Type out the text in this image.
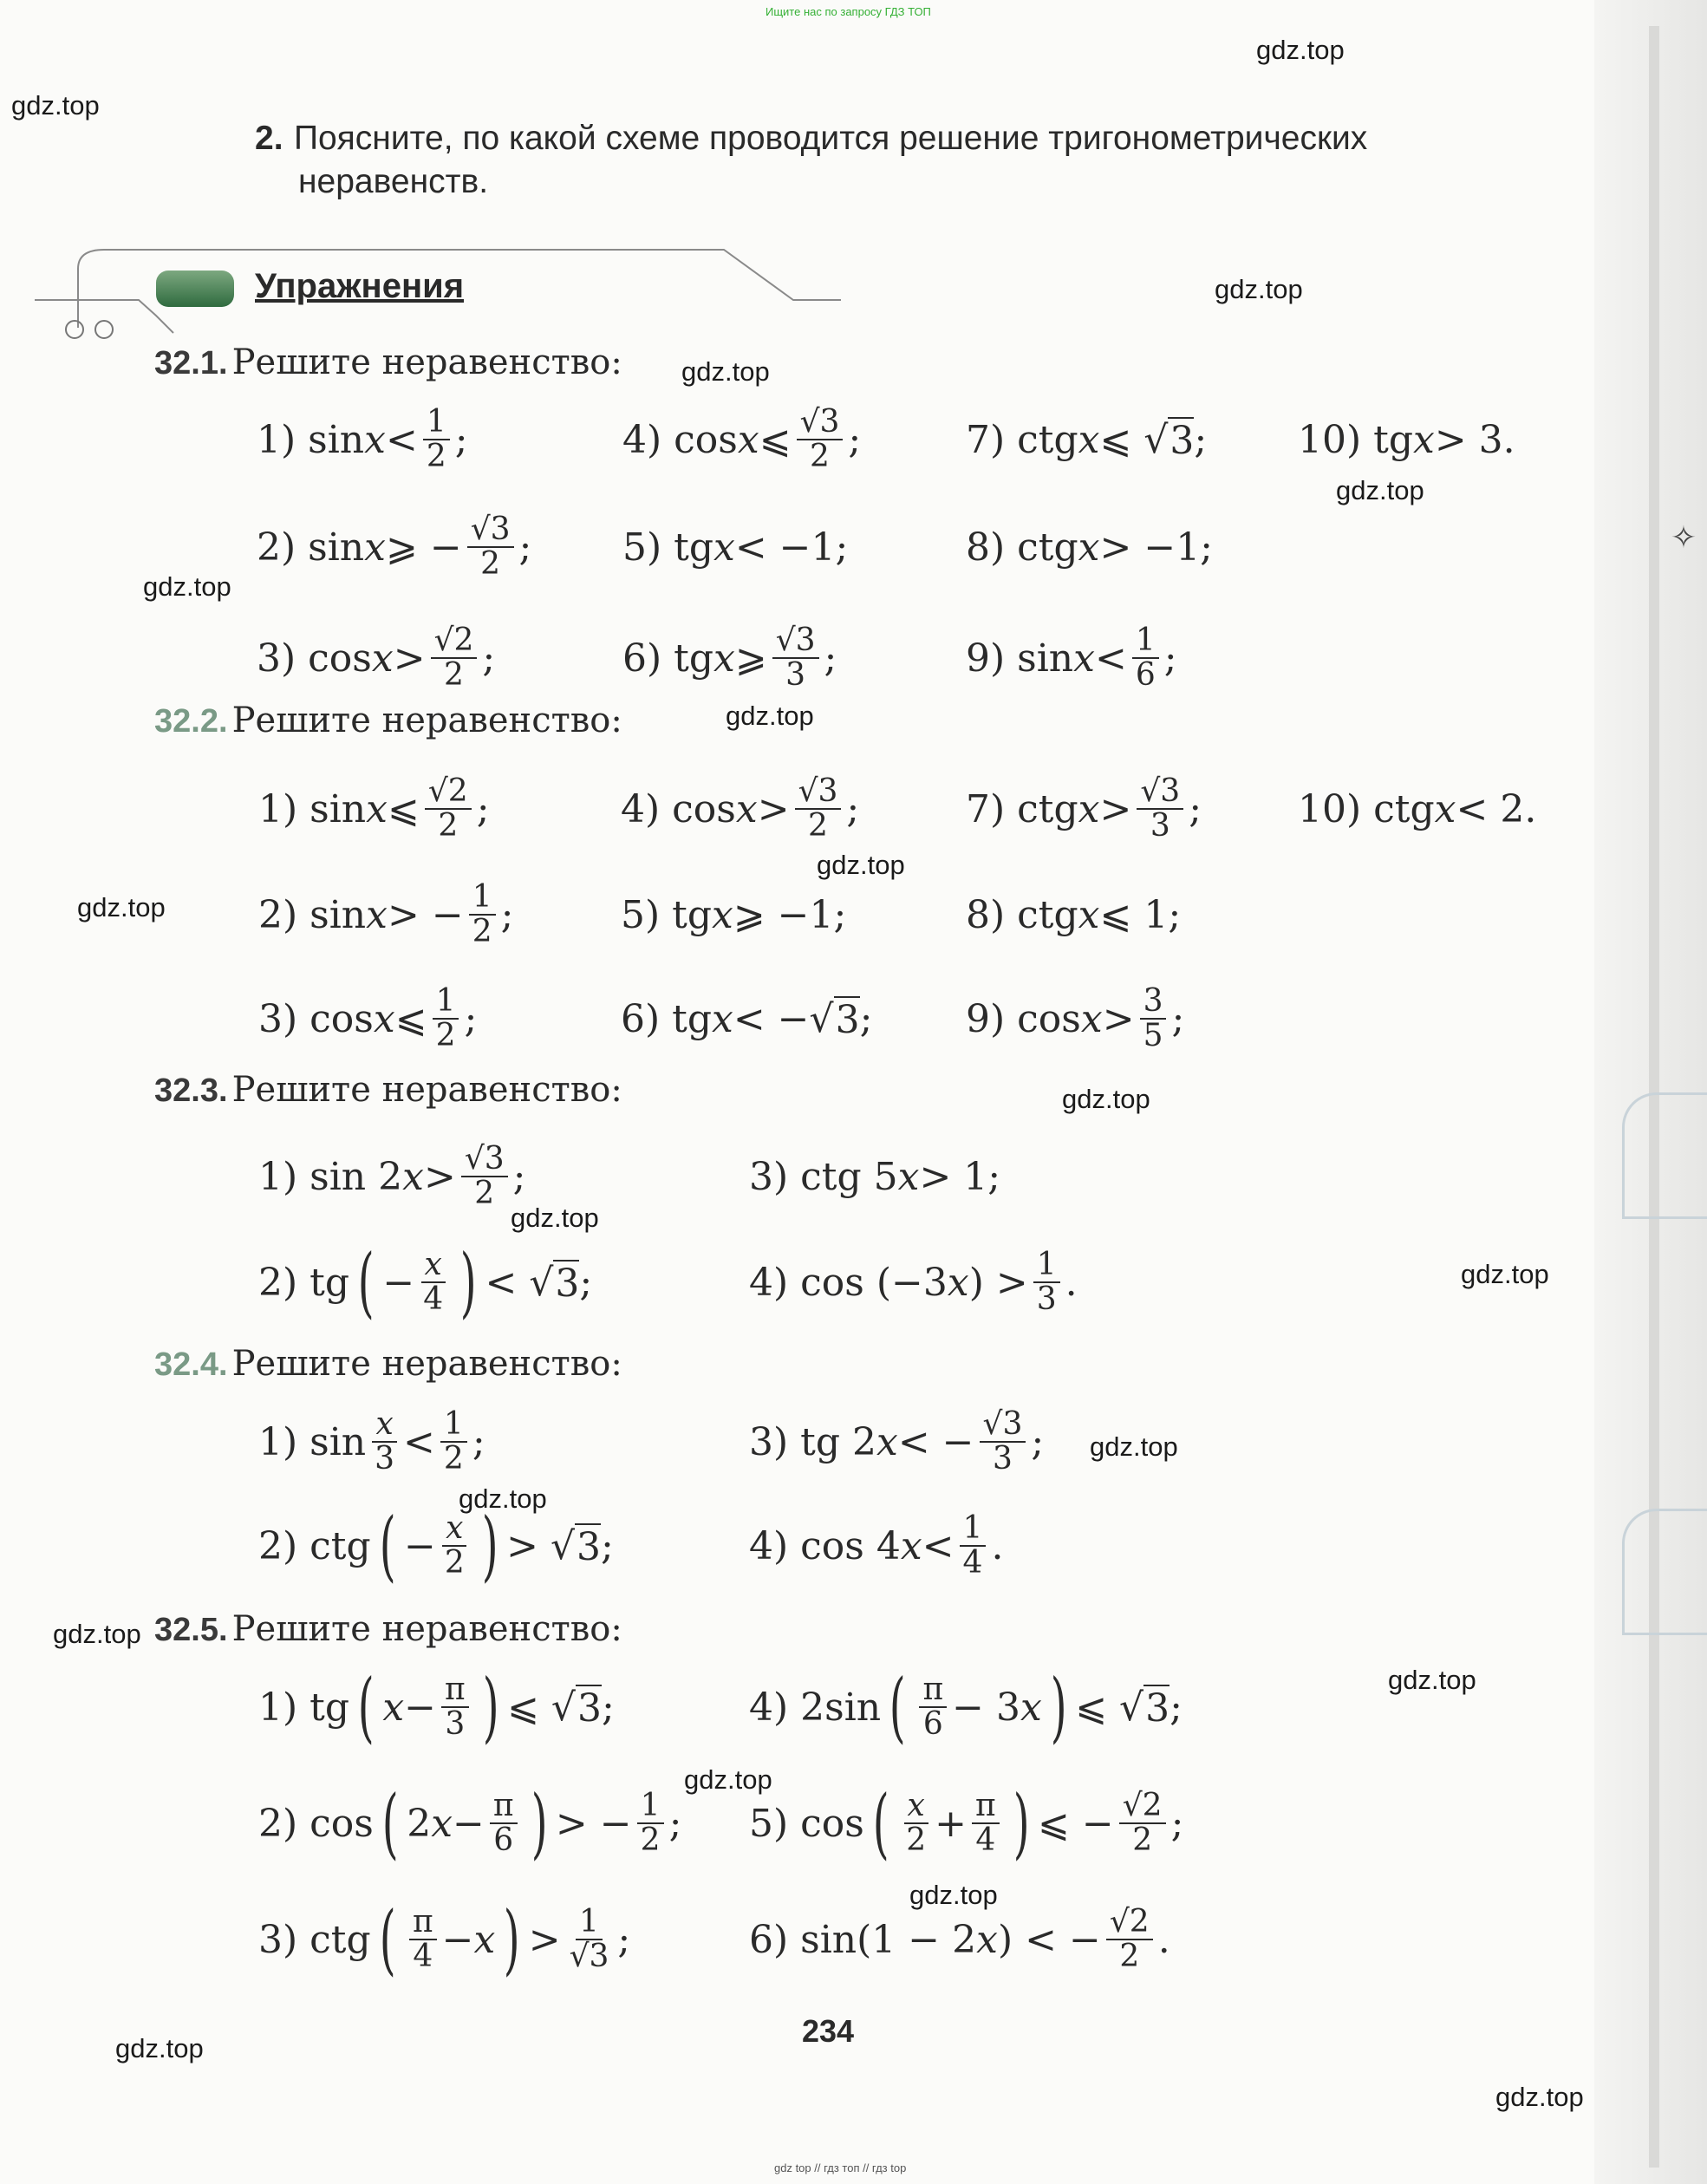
✧
Ищите нас по запросу ГДЗ ТОП
gdz top // гдз топ // гдз top
gdz.top
gdz.top
gdz.top
gdz.top
gdz.top
gdz.top
gdz.top
gdz.top
gdz.top
gdz.top
gdz.top
gdz.top
gdz.top
gdz.top
gdz.top
gdz.top
gdz.top
gdz.top
gdz.top
gdz.top
2. Поясните, по какой схеме проводится решение тригонометрических
неравенств.
Упражнения
32.1. Решите неравенство:
1) $\sin x < \frac{1}{2}$ ;	4) cos x ⩽ $\frac{√3}{2}$ ;	7) ctg x ⩽ √ 3 ; 10) tg x > 3.
2) sin x ⩾ − $\frac{√3}{2}$ ; 5) tg x < −1;	8) ctg x > −1;
3) $\cos x > \frac{√2}{2}$ ;	6) tg x ⩾ $\frac{√3}{3}$ ;	9) $\sin x < \frac{1}{6}$ ;
32.2. Решите неравенство:
1) sin x ⩽ $\frac{√2}{2}$ ;	4) $\cos x > \frac{√3}{2}$ ;	7) ctg $x > \frac{√3}{3}$ ;	10) ctg x < 2.
2) sin x > − $\frac{1}{2}$ ;	5) tg x ⩾ −1;	8) ctg x ⩽ 1;
3) cos x ⩽ $\frac{1}{2}$ ;	6) tg x < −√ 3 ; 9) $\cos x > \frac{3}{5}$ ;
32.3. Решите неравенство:
1) sin 2 $x > \frac{√3}{2}$ ;	3) ctg 5 x > 1;
2) tg ( − $\frac{x}{4}$ ) < √ 3 ;	4) cos (−3 x ) > $\frac{1}{3}$ .
32.4. Решите неравенство:
1) $\sin \frac{x}{3} < \frac{1}{2}$ ;	3) tg 2 x < − $\frac{√3}{3}$ ;
2) ctg ( − $\frac{x}{2}$ ) > √ 3 ;	4) cos 4 $x < \frac{1}{4}$ .
32.5. Решите неравенство:
1) tg ( $x - \frac{\pi}{3}$ ) ⩽ √ 3 ;	4) 2sin ( $\frac{\pi}{6} - 3$ x ) ⩽ √ 3 ;
2) cos ( 2 $x - \frac{\pi}{6}$ ) > − $\frac{1}{2}$ ; 5) cos ( $\frac{x}{2} + \frac{\pi}{4}$ ) ⩽ − $\frac{√2}{2}$ ;
3) ctg ( $\frac{\pi}{4} - x$ ) > $\frac{1}{√3}$ ;	6) sin(1 − 2 x ) < − $\frac{√2}{2}$ .
234
